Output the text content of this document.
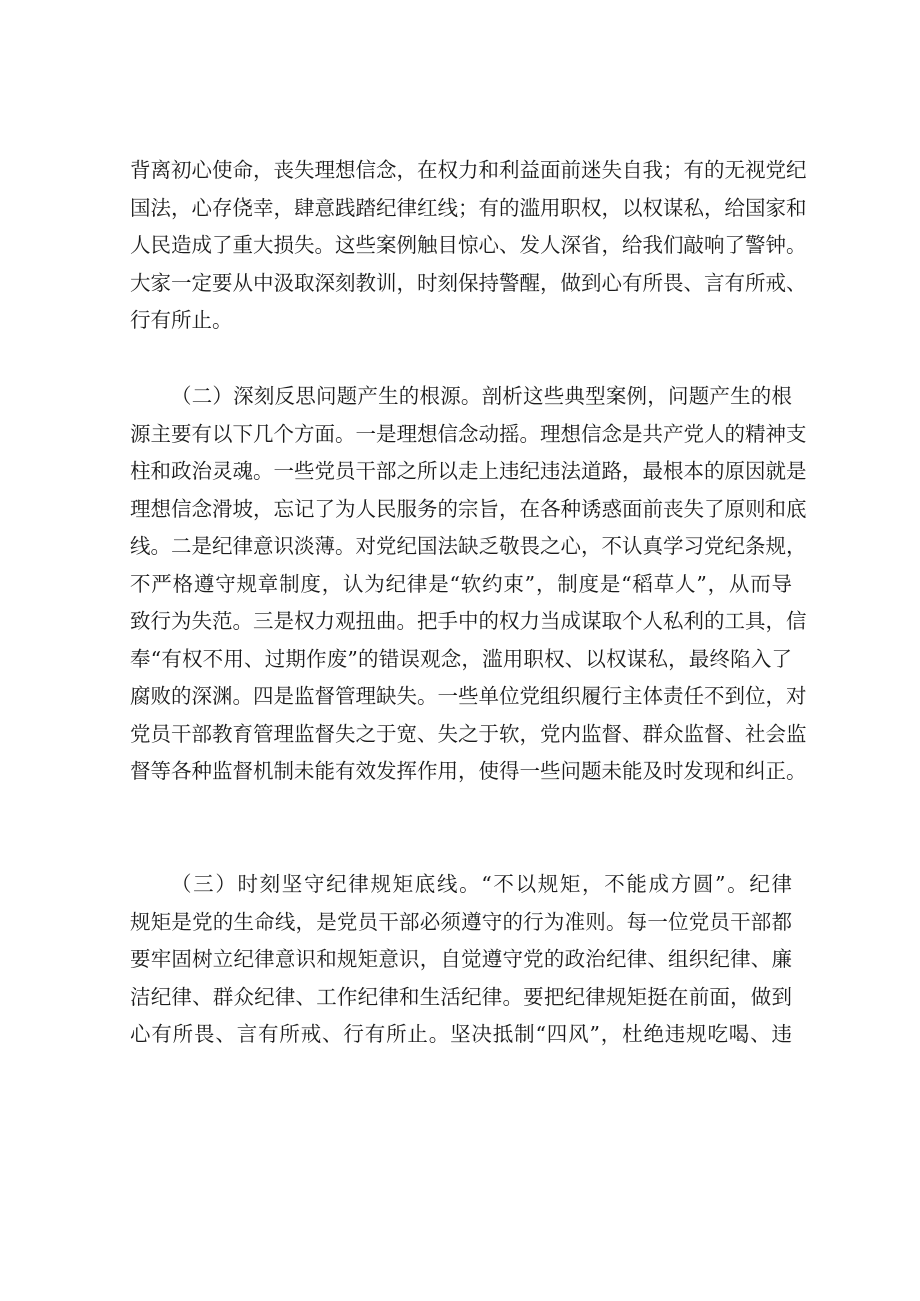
背离初心使命，丧失理想信念，在权力和利益面前迷失自我；有的无视党纪
国法，心存侥幸，肆意践踏纪律红线；有的滥用职权，以权谋私，给国家和
人民造成了重大损失。这些案例触目惊心、发人深省，给我们敲响了警钟。
大家一定要从中汲取深刻教训，时刻保持警醒，做到心有所畏、言有所戒、
行有所止。
（二）深刻反思问题产生的根源。剖析这些典型案例，问题产生的根
源主要有以下几个方面。一是理想信念动摇。理想信念是共产党人的精神支
柱和政治灵魂。一些党员干部之所以走上违纪违法道路，最根本的原因就是
理想信念滑坡，忘记了为人民服务的宗旨，在各种诱惑面前丧失了原则和底
线。二是纪律意识淡薄。对党纪国法缺乏敬畏之心，不认真学习党纪条规，
不严格遵守规章制度，认为纪律是“软约束”，制度是“稻草人”，从而导
致行为失范。三是权力观扭曲。把手中的权力当成谋取个人私利的工具，信
奉“有权不用、过期作废”的错误观念，滥用职权、以权谋私，最终陷入了
腐败的深渊。四是监督管理缺失。一些单位党组织履行主体责任不到位，对
党员干部教育管理监督失之于宽、失之于软，党内监督、群众监督、社会监
督等各种监督机制未能有效发挥作用，使得一些问题未能及时发现和纠正。
（三）时刻坚守纪律规矩底线。“不以规矩，不能成方圆”。纪律
规矩是党的生命线，是党员干部必须遵守的行为准则。每一位党员干部都
要牢固树立纪律意识和规矩意识，自觉遵守党的政治纪律、组织纪律、廉
洁纪律、群众纪律、工作纪律和生活纪律。要把纪律规矩挺在前面，做到
心有所畏、言有所戒、行有所止。坚决抵制“四风”，杜绝违规吃喝、违
